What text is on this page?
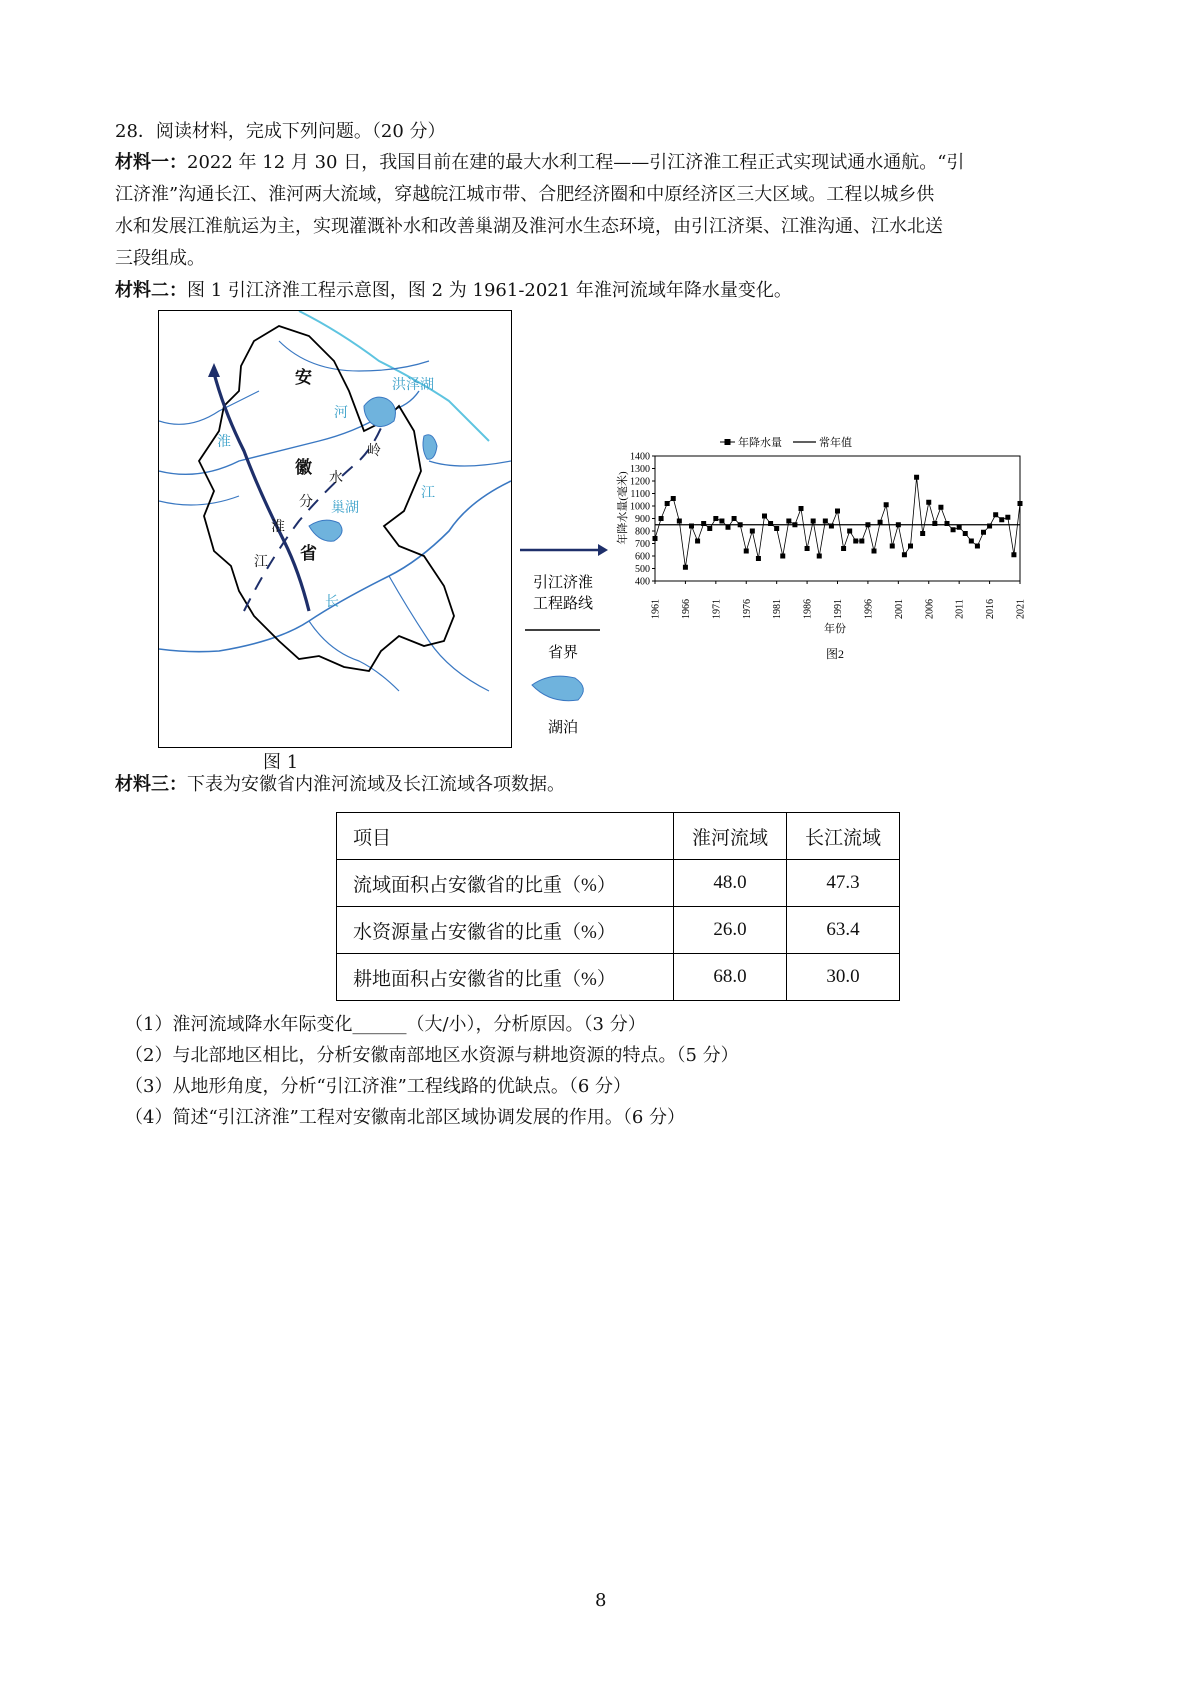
28．阅读材料，完成下列问题。（20 分）
材料一：2022 年 12 月 30 日，我国目前在建的最大水利工程——引江济淮工程正式实现试通水通航。“引
江济淮”沟通长江、淮河两大流域，穿越皖江城市带、合肥经济圈和中原经济区三大区域。工程以城乡供
水和发展江淮航运为主，实现灌溉补水和改善巢湖及淮河水生态环境，由引江济渠、江淮沟通、江水北送
三段组成。
材料二：图 1 引江济淮工程示意图，图 2 为 1961-2021 年淮河流域年降水量变化。
安
徽
省
洪泽湖
河
淮
岭
水
分 巢湖
淮
江
江
长
图 1
引江济淮
工程路线
省界
湖泊
400
500
600
700
800
900
1000
1100
1200
1300
1400
1961 1966 1971 1976 1981 1986 1991 1996 2001 2006 2011 2016 2021
年降水量(毫米)
年份
图2
年降水量	常年值
材料三：下表为安徽省内淮河流域及长江流域各项数据。
项目	淮河流域	长江流域
流域面积占安徽省的比重（%）	48.0	47.3
水资源量占安徽省的比重（%）	26.0	63.4
耕地面积占安徽省的比重（%）	68.0	30.0
（1）淮河流域降水年际变化______（大/小），分析原因。（3 分）
（2）与北部地区相比，分析安徽南部地区水资源与耕地资源的特点。（5 分）
（3）从地形角度，分析“引江济淮”工程线路的优缺点。（6 分）
（4）简述“引江济淮”工程对安徽南北部区域协调发展的作用。（6 分）
8
